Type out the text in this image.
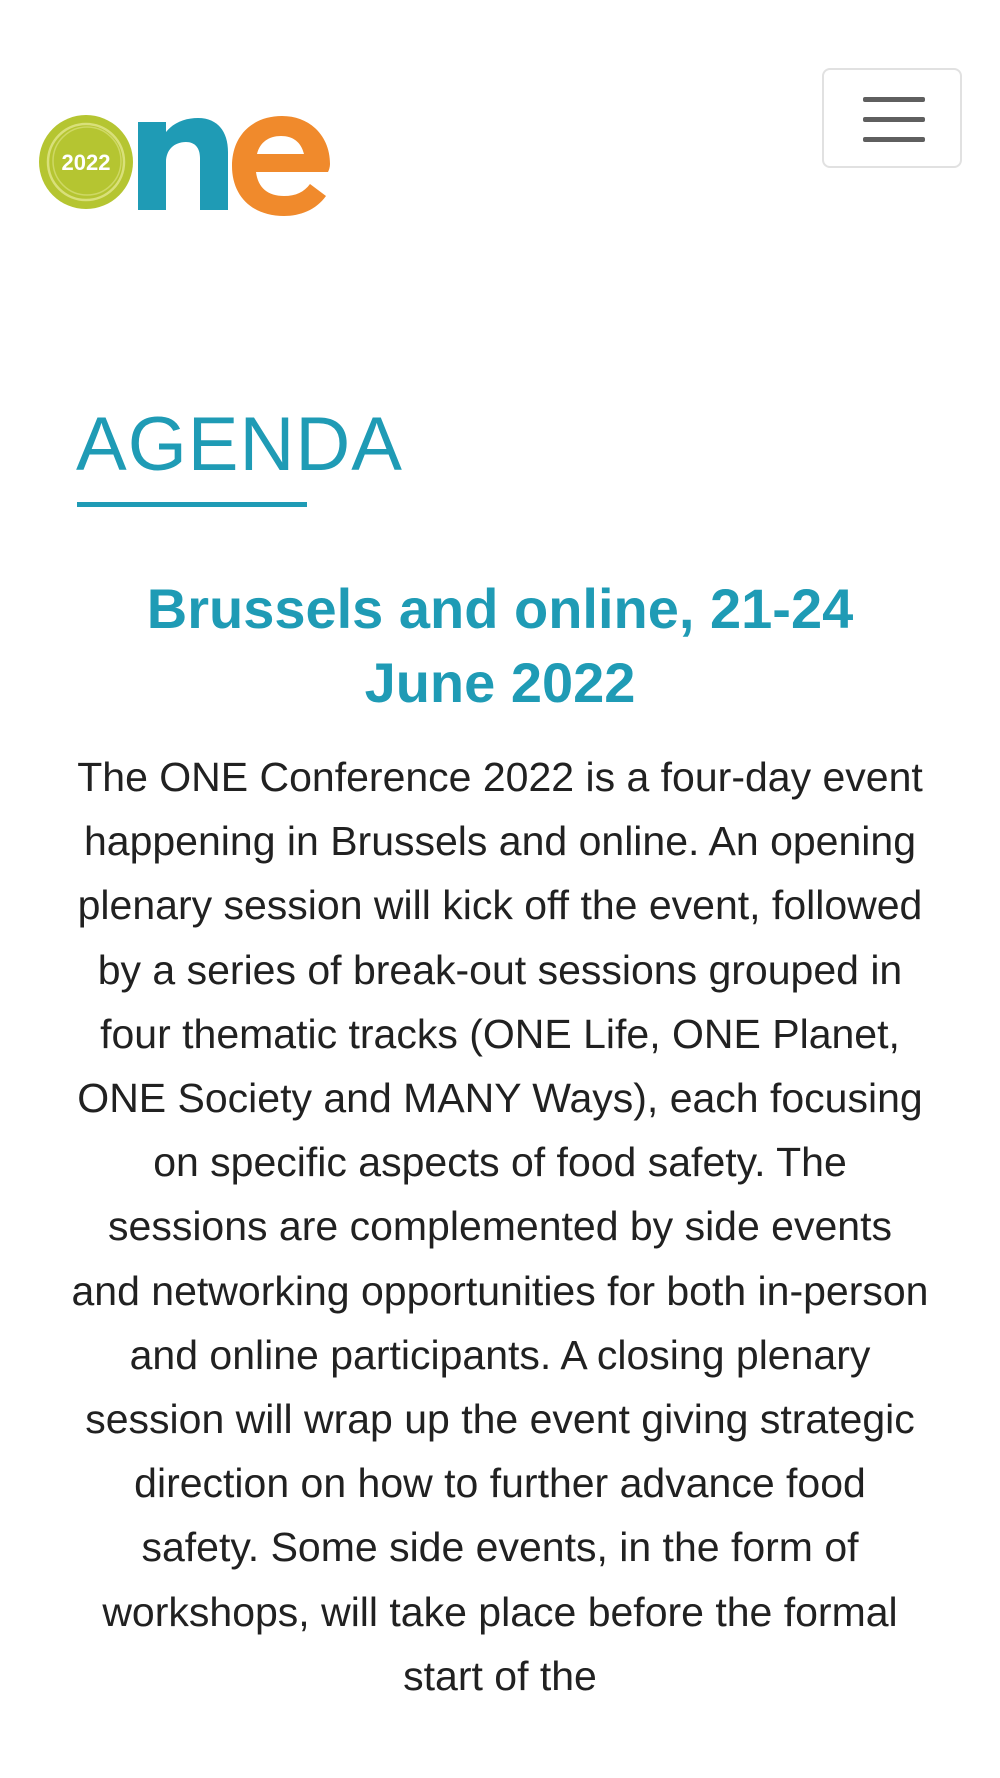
2022
AGENDA
Brussels and online, 21-24 June 2022

The ONE Conference 2022 is a four-day event happening in Brussels and online. An opening plenary session will kick off the event, followed by a series of break-out sessions grouped in four thematic tracks (ONE Life, ONE Planet, ONE Society and MANY Ways), each focusing on specific aspects of food safety. The sessions are complemented by side events and networking opportunities for both in-person and online participants. A closing plenary session will wrap up the event giving strategic direction on how to further advance food safety. Some side events, in the form of workshops, will take place before the formal start of the
